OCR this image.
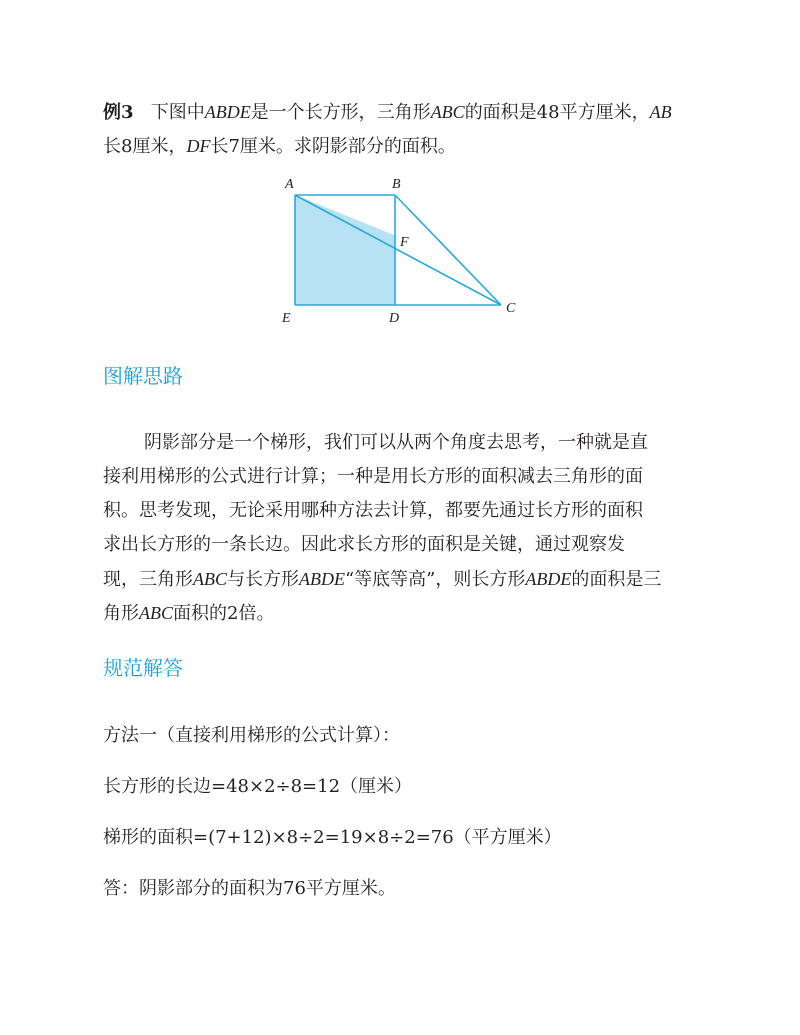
例3 下图中ABDE是一个长方形，三角形ABC的面积是48平方厘米，AB
长8厘米，DF长7厘米。求阴影部分的面积。
A	B
C
D
E
F
图解思路
阴影部分是一个梯形，我们可以从两个角度去思考，一种就是直
接利用梯形的公式进行计算；一种是用长方形的面积减去三角形的面
积。思考发现，无论采用哪种方法去计算，都要先通过长方形的面积
求出长方形的一条长边。因此求长方形的面积是关键，通过观察发
现，三角形ABC与长方形ABDE“等底等高”，则长方形ABDE的面积是三
角形ABC面积的2倍。
规范解答
方法一（直接利用梯形的公式计算）：
长方形的长边=48×2÷8=12（厘米）
梯形的面积=(7+12)×8÷2=19×8÷2=76（平方厘米）
答：阴影部分的面积为76平方厘米。
